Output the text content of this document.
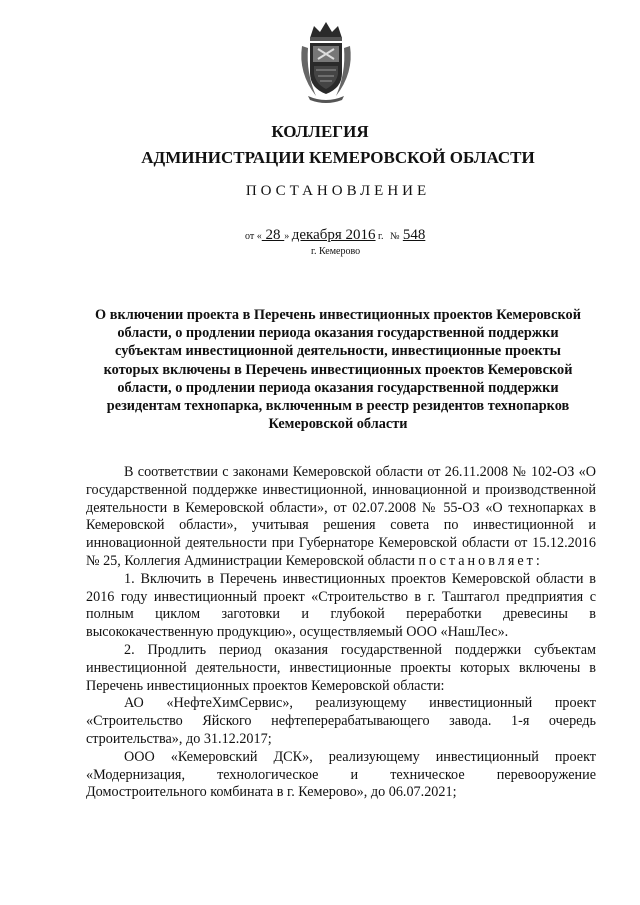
КОЛЛЕГИЯ
АДМИНИСТРАЦИИ КЕМЕРОВСКОЙ ОБЛАСТИ
ПОСТАНОВЛЕНИЕ
от « 28 » декабря 2016 г. № 548
г. Кемерово
О включении проекта в Перечень инвестиционных проектов Кемеровской области, о продлении периода оказания государственной поддержки субъектам инвестиционной деятельности, инвестиционные проекты которых включены в Перечень инвестиционных проектов Кемеровской области, о продлении периода оказания государственной поддержки резидентам технопарка, включенным в реестр резидентов технопарков Кемеровской области

В соответствии с законами Кемеровской области от 26.11.2008 № 102-ОЗ «О государственной поддержке инвестиционной, инновационной и производственной деятельности в Кемеровской области», от 02.07.2008 № 55-ОЗ «О технопарках в Кемеровской области», учитывая решения совета по инвестиционной и инновационной деятельности при Губернаторе Кемеровской области от 15.12.2016 № 25, Коллегия Администрации Кемеровской области постановляет:

1. Включить в Перечень инвестиционных проектов Кемеровской области в 2016 году инвестиционный проект «Строительство в г. Таштагол предприятия с полным циклом заготовки и глубокой переработки древесины в высококачественную продукцию», осуществляемый ООО «НашЛес».

2. Продлить период оказания государственной поддержки субъектам инвестиционной деятельности, инвестиционные проекты которых включены в Перечень инвестиционных проектов Кемеровской области:

АО «НефтеХимСервис», реализующему инвестиционный проект «Строительство Яйского нефтеперерабатывающего завода. 1-я очередь строительства», до 31.12.2017;

ООО «Кемеровский ДСК», реализующему инвестиционный проект «Модернизация, технологическое и техническое перевооружение Домостроительного комбината в г. Кемерово», до 06.07.2021;
